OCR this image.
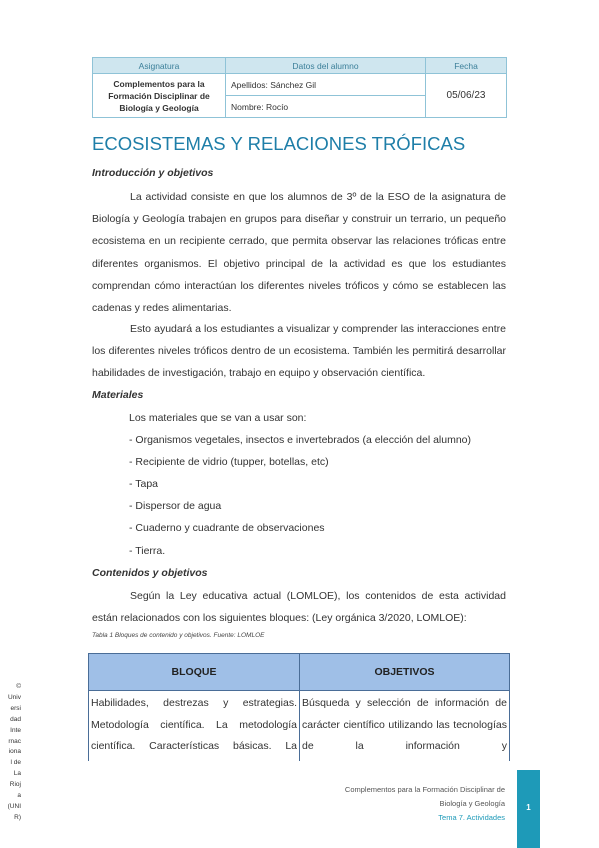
Asignatura	Datos del alumno	Fecha
Complementos para la
Formación Disciplinar de
Biología y Geología	Apellidos: Sánchez Gil	05/06/23
	Nombre: Rocío	
ECOSISTEMAS Y RELACIONES TRÓFICAS
Introducción y objetivos

La actividad consiste en que los alumnos de 3º de la ESO de la asignatura de Biología y Geología trabajen en grupos para diseñar y construir un terrario, un pequeño ecosistema en un recipiente cerrado, que permita observar las relaciones tróficas entre diferentes organismos. El objetivo principal de la actividad es que los estudiantes comprendan cómo interactúan los diferentes niveles tróficos y cómo se establecen las cadenas y redes alimentarias.

Esto ayudará a los estudiantes a visualizar y comprender las interacciones entre los diferentes niveles tróficos dentro de un ecosistema. También les permitirá desarrollar habilidades de investigación, trabajo en equipo y observación científica.

Materiales
Los materiales que se van a usar son:
- Organismos vegetales, insectos e invertebrados (a elección del alumno)
- Recipiente de vidrio (tupper, botellas, etc)
- Tapa
- Dispersor de agua
- Cuaderno y cuadrante de observaciones
- Tierra.
Contenidos y objetivos

Según la Ley educativa actual (LOMLOE), los contenidos de esta actividad están relacionados con los siguientes bloques: (Ley orgánica 3/2020, LOMLOE):

Tabla 1 Bloques de contenido y objetivos. Fuente: LOMLOE
BLOQUE	OBJETIVOS
Habilidades, destrezas y estrategias. Metodología científica. La metodología científica. Características básicas. La	Búsqueda y selección de información de carácter científico utilizando las tecnologías de la información y
©
Univ
ersi
dad
Inte
rnac
iona
l de
La
Rioj
a
(UNI
R)
Complementos para la Formación Disciplinar de
Biología y Geología
Tema 7. Actividades
1
